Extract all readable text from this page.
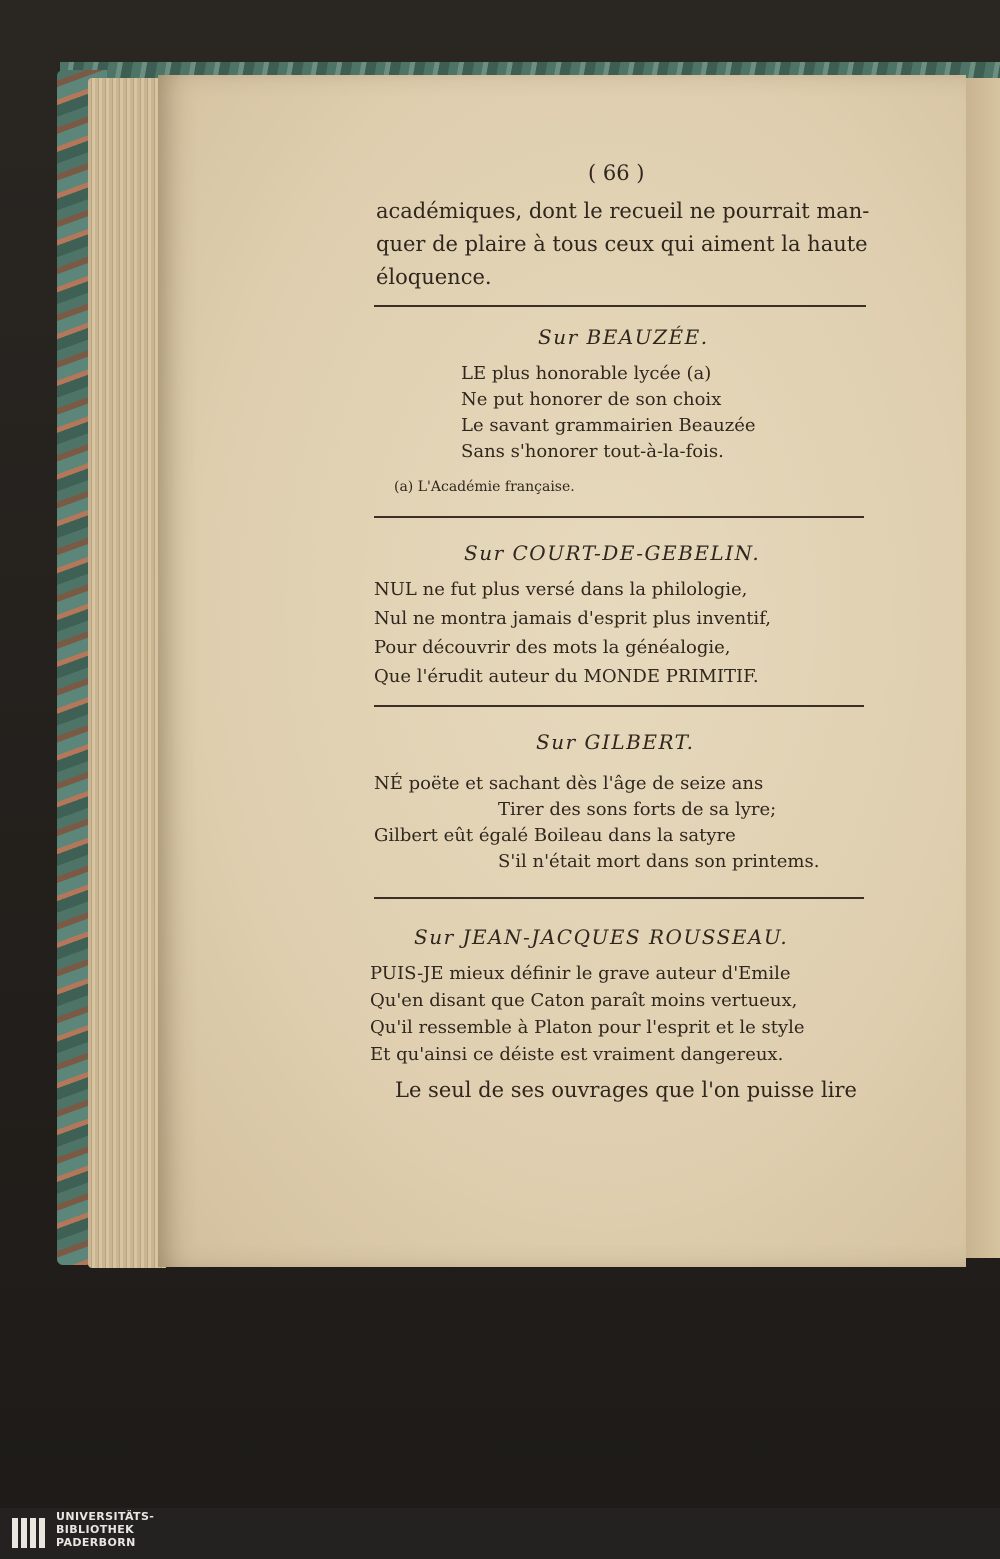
( 66 )
académiques, dont le recueil ne pourrait man-
quer de plaire à tous ceux qui aiment la haute
éloquence.
Sur BEAUZÉE.
LE plus honorable lycée (a)
Ne put honorer de son choix
Le savant grammairien Beauzée
Sans s'honorer tout-à-la-fois.
(a) L'Académie française.
Sur COURT-DE-GEBELIN.
NUL ne fut plus versé dans la philologie,
Nul ne montra jamais d'esprit plus inventif,
Pour découvrir des mots la généalogie,
Que l'érudit auteur du MONDE PRIMITIF.
Sur GILBERT.
NÉ poëte et sachant dès l'âge de seize ans
Tirer des sons forts de sa lyre;
Gilbert eût égalé Boileau dans la satyre
S'il n'était mort dans son printems.
Sur JEAN-JACQUES ROUSSEAU.
PUIS-JE mieux définir le grave auteur d'Emile
Qu'en disant que Caton paraît moins vertueux,
Qu'il ressemble à Platon pour l'esprit et le style
Et qu'ainsi ce déiste est vraiment dangereux.
Le seul de ses ouvrages que l'on puisse lire
UNIVERSITÄTS-
BIBLIOTHEK
PADERBORN
